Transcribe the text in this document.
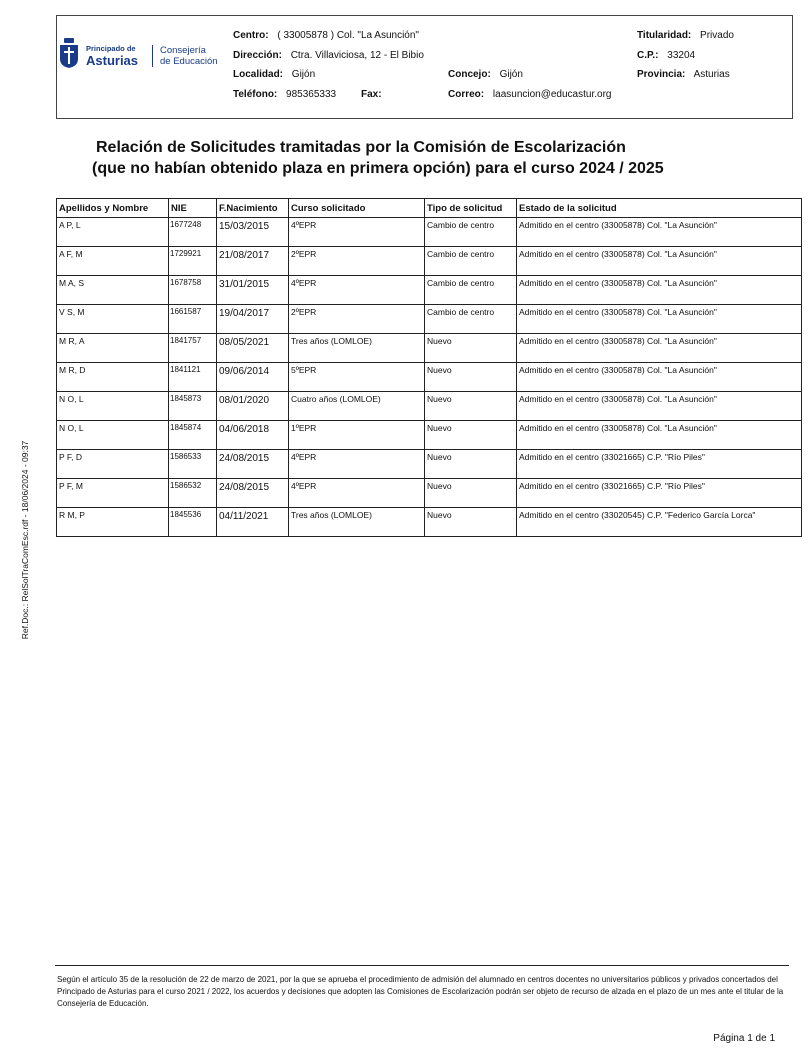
Principado de
Asturias
Consejería
de Educación
Centro: ( 33005878 ) Col. "La Asunción"
Dirección: Ctra. Villaviciosa, 12 - El Bibio
Localidad: Gijón
Teléfono: 985365333 Fax:
Concejo: Gijón
Correo: laasuncion@educastur.org
Titularidad: Privado
C.P.: 33204
Provincia: Asturias
Relación de Solicitudes tramitadas por la Comisión de Escolarización
(que no habían obtenido plaza en primera opción) para el curso 2024 / 2025
Apellidos y Nombre	NIE	F.Nacimiento	Curso solicitado	Tipo de solicitud	Estado de la solicitud
A P, L	1677248	15/03/2015	4ºEPR	Cambio de centro	Admitido en el centro (33005878) Col. "La Asunción"
A F, M	1729921	21/08/2017	2ºEPR	Cambio de centro	Admitido en el centro (33005878) Col. "La Asunción"
M A, S	1678758	31/01/2015	4ºEPR	Cambio de centro	Admitido en el centro (33005878) Col. "La Asunción"
V S, M	1661587	19/04/2017	2ºEPR	Cambio de centro	Admitido en el centro (33005878) Col. "La Asunción"
M R, A	1841757	08/05/2021	Tres años (LOMLOE)	Nuevo	Admitido en el centro (33005878) Col. "La Asunción"
M R, D	1841121	09/06/2014	5ºEPR	Nuevo	Admitido en el centro (33005878) Col. "La Asunción"
N O, L	1845873	08/01/2020	Cuatro años (LOMLOE)	Nuevo	Admitido en el centro (33005878) Col. "La Asunción"
N O, L	1845874	04/06/2018	1ºEPR	Nuevo	Admitido en el centro (33005878) Col. "La Asunción"
P F, D	1586533	24/08/2015	4ºEPR	Nuevo	Admitido en el centro (33021665) C.P. "Río Piles"
P F, M	1586532	24/08/2015	4ºEPR	Nuevo	Admitido en el centro (33021665) C.P. "Río Piles"
R M, P	1845536	04/11/2021	Tres años (LOMLOE)	Nuevo	Admitido en el centro (33020545) C.P. "Federico García Lorca"
Ref.Doc.: RelSolTraComEsc.rdf - 18/06/2024 - 09:37
Según el artículo 35 de la resolución de 22 de marzo de 2021, por la que se aprueba el procedimiento de admisión del alumnado en centros docentes no universitarios públicos y privados concertados del Principado de Asturias para el curso 2021 / 2022, los acuerdos y decisiones que adopten las Comisiones de Escolarización podrán ser objeto de recurso de alzada en el plazo de un mes ante el titular de la Consejería de Educación.
Página 1 de 1
